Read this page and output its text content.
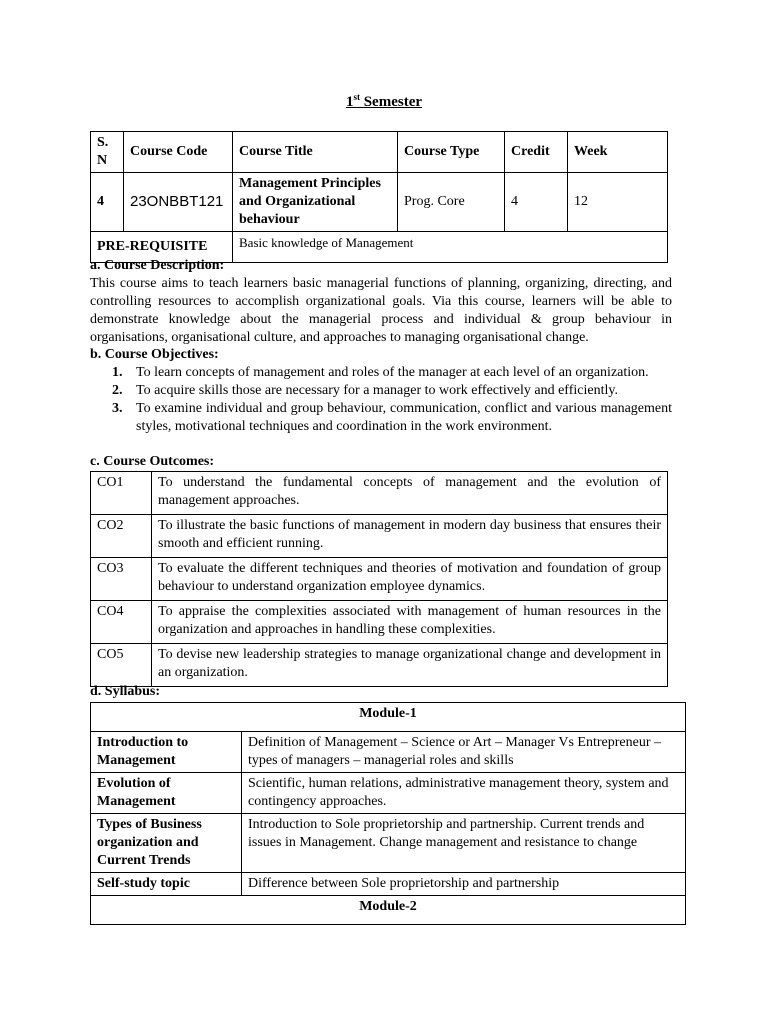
1st Semester
S. N	Course Code	Course Title	Course Type	Credit	Week
4	23ONBBT121	Management Principles and Organizational behaviour	Prog. Core	4	12
PRE-REQUISITE		Basic knowledge of Management			
a. Course Description:
This course aims to teach learners basic managerial functions of planning, organizing, directing, and controlling resources to accomplish organizational goals. Via this course, learners will be able to demonstrate knowledge about the managerial process and individual & group behaviour in organisations, organisational culture, and approaches to managing organisational change.
b. Course Objectives:
1. To learn concepts of management and roles of the manager at each level of an organization.
2. To acquire skills those are necessary for a manager to work effectively and efficiently.
3. To examine individual and group behaviour, communication, conflict and various management styles, motivational techniques and coordination in the work environment.
c. Course Outcomes:
CO1	To understand the fundamental concepts of management and the evolution of management approaches.
CO2	To illustrate the basic functions of management in modern day business that ensures their smooth and efficient running.
CO3	To evaluate the different techniques and theories of motivation and foundation of group behaviour to understand organization employee dynamics.
CO4	To appraise the complexities associated with management of human resources in the organization and approaches in handling these complexities.
CO5	To devise new leadership strategies to manage organizational change and development in an organization.
d. Syllabus:
Module-1	
Introduction to Management	Definition of Management – Science or Art – Manager Vs Entrepreneur – types of managers – managerial roles and skills
Evolution of Management	Scientific, human relations, administrative management theory, system and contingency approaches.
Types of Business organization and Current Trends	Introduction to Sole proprietorship and partnership. Current trends and issues in Management. Change management and resistance to change
Self-study topic	Difference between Sole proprietorship and partnership
Module-2	
